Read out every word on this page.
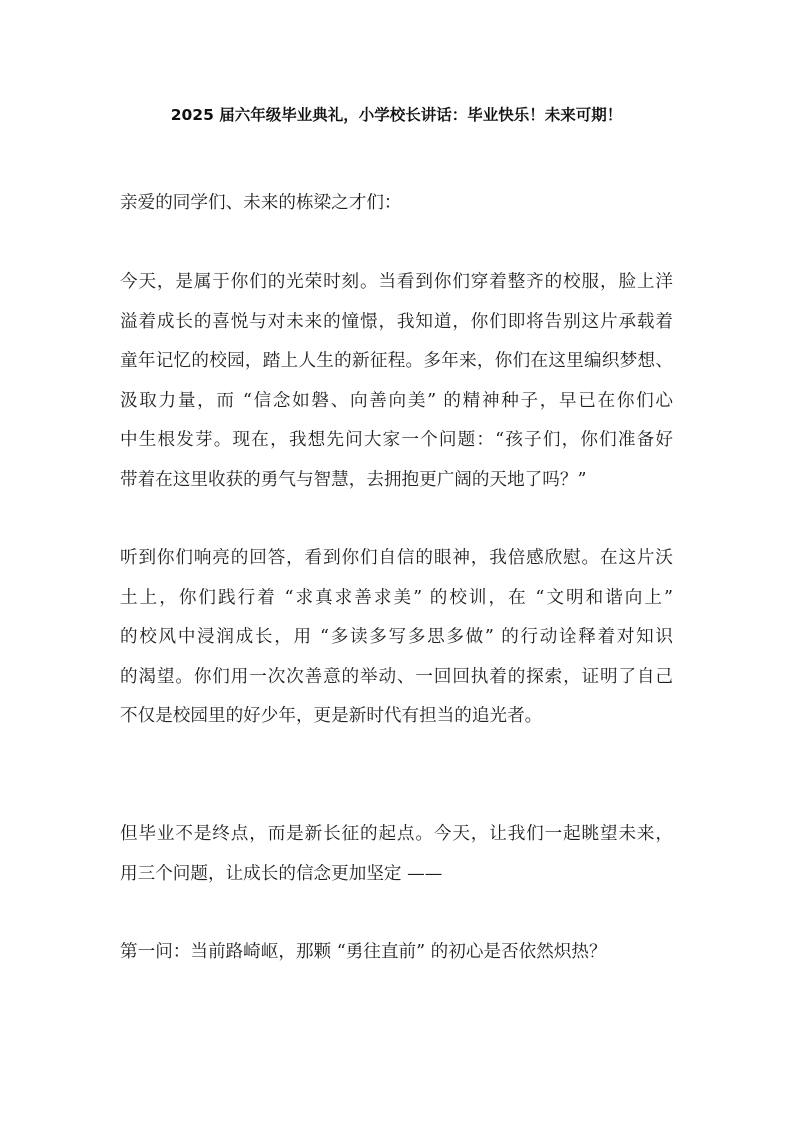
2025 届六年级毕业典礼，小学校长讲话：毕业快乐！未来可期！

亲爱的同学们、未来的栋梁之才们：

今天，是属于你们的光荣时刻。当看到你们穿着整齐的校服，脸上洋
溢着成长的喜悦与对未来的憧憬，我知道，你们即将告别这片承载着
童年记忆的校园，踏上人生的新征程。多年来，你们在这里编织梦想、
汲取力量，而 “信念如磐、向善向美” 的精神种子，早已在你们心
中生根发芽。现在，我想先问大家一个问题：“孩子们，你们准备好
带着在这里收获的勇气与智慧，去拥抱更广阔的天地了吗？”

听到你们响亮的回答，看到你们自信的眼神，我倍感欣慰。在这片沃
土上，你们践行着 “求真求善求美” 的校训，在 “文明和谐向上”
的校风中浸润成长，用 “多读多写多思多做” 的行动诠释着对知识
的渴望。你们用一次次善意的举动、一回回执着的探索，证明了自己
不仅是校园里的好少年，更是新时代有担当的追光者。

但毕业不是终点，而是新长征的起点。今天，让我们一起眺望未来，
用三个问题，让成长的信念更加坚定 ——

第一问：当前路崎岖，那颗 “勇往直前” 的初心是否依然炽热？
